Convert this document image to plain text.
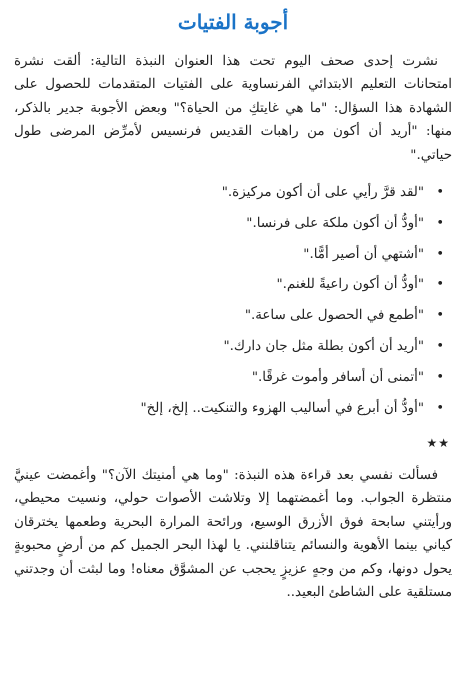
أجوبة الفتيات

نشرت إحدى صحف اليوم تحت هذا العنوان النبذة التالية: ألقت نشرة امتحانات التعليم الابتدائي الفرنساوية على الفتيات المتقدمات للحصول على الشهادة هذا السؤال: "ما هي غايتكِ من الحياة؟" وبعض الأجوبة جدير بالذكر، منها: "أريد أن أكون من راهبات القديس فرنسيس لأمرِّض المرضى طول حياتي."

•
"لقد قرَّ رأيي على أن أكون مركيزة."
•
"أودُّ أن أكون ملكة على فرنسا."
•
"أشتهي أن أصير أمًّا."
•
"أودُّ أن أكون راعيةً للغنم."
•
"أطمع في الحصول على ساعة."
•
"أريد أن أكون بطلة مثل جان دارك."
•
"أتمنى أن أسافر وأموت غرقًا."
•
"أودُّ أن أبرع في أساليب الهزوء والتنكيت.. إلخ، إلخ"
★★

فسألت نفسي بعد قراءة هذه النبذة: "وما هي أمنيتك الآن؟" وأغمضت عينيَّ منتظرة الجواب. وما أغمضتهما إلا وتلاشت الأصوات حولي، ونسيت محيطي، ورأيتني سابحة فوق الأزرق الوسيع، ورائحة المرارة البحرية وطعمها يخترقان كياني بينما الأهوية والنسائم يتناقلنني. يا لهذا البحر الجميل كم من أرضٍ محبوبةٍ يحول دونها، وكم من وجهٍ عزيزٍ يحجب عن المشوَّق معناه! وما لبثت أن وجدتني مستلقية على الشاطئ البعيد..
